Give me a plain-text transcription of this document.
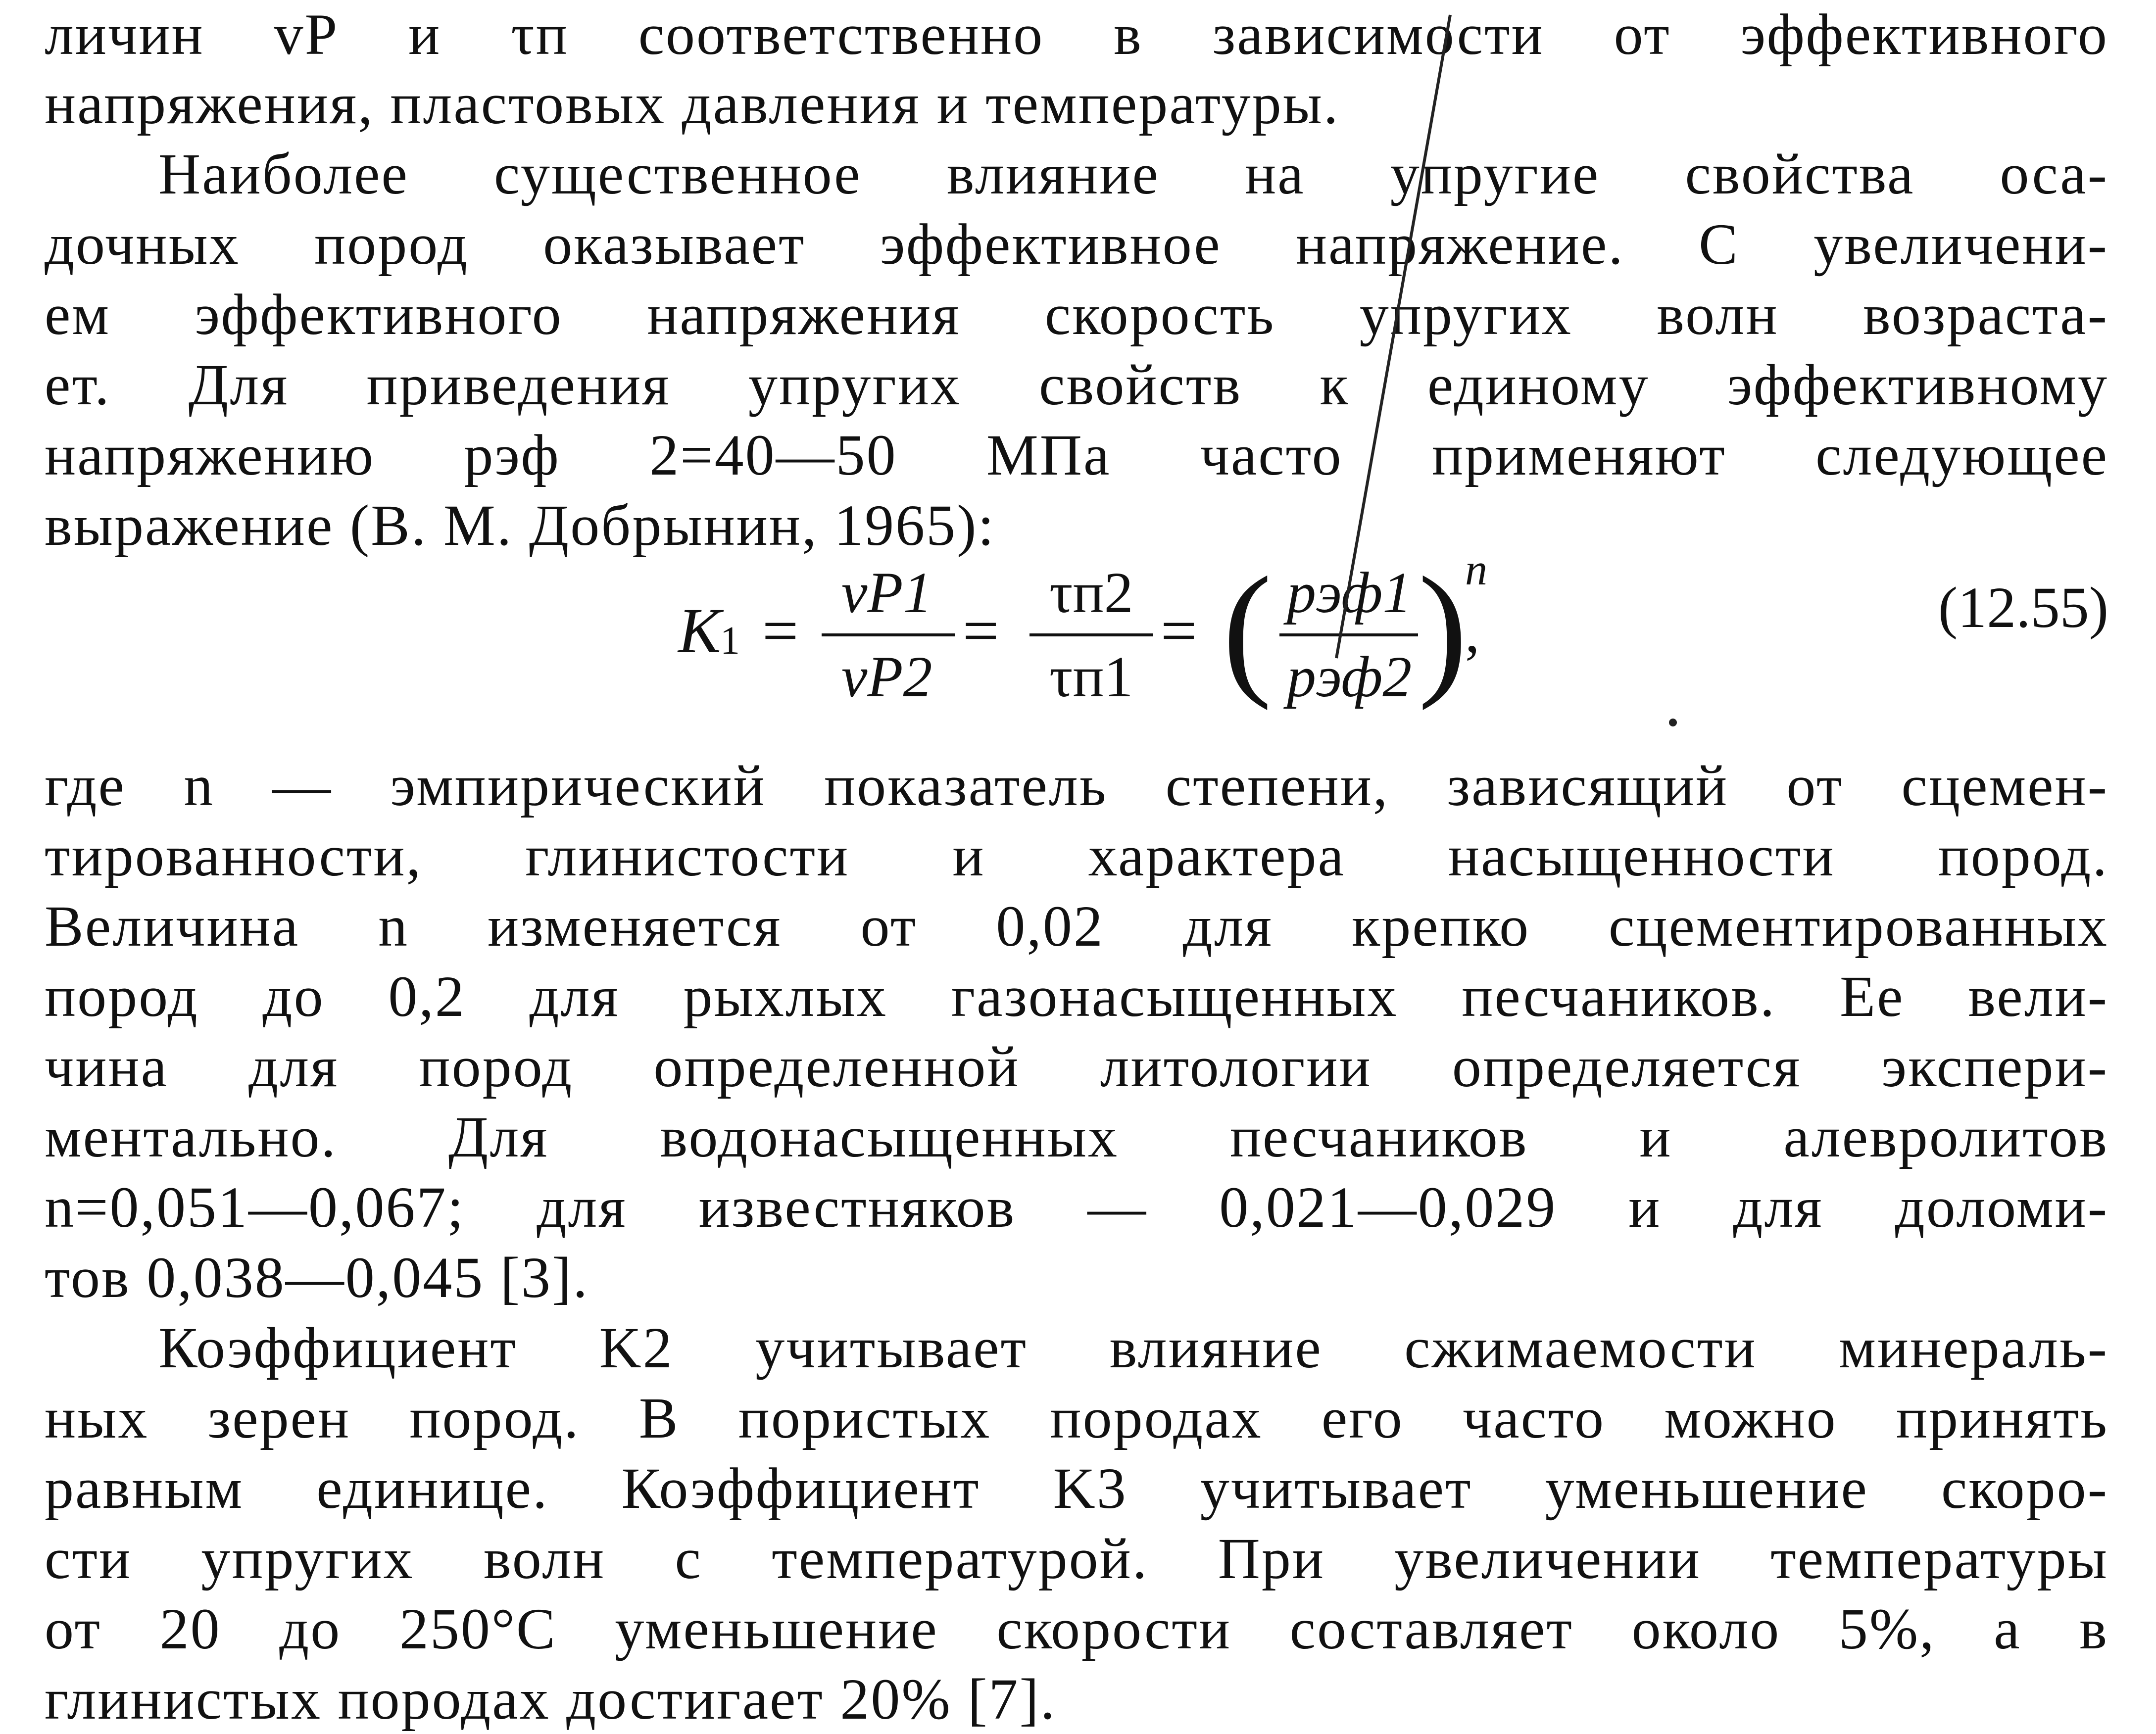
личин vP и τп соответственно в зависимости от эффективного
напряжения, пластовых давления и температуры.
Наиболее существенное влияние на упругие свойства оса-
дочных пород оказывает эффективное напряжение. С увеличени-
ем эффективного напряжения скорость упругих волн возраста-
ет. Для приведения упругих свойств к единому эффективному
напряжению pэф 2=40—50 МПа часто применяют следующее
выражение (В. М. Добрынин, 1965):
K
1 =
vP1
vP2
=
τп2
τп1
= ( pэф1
pэф2 )
n
,	(12.55)
где n — эмпирический показатель степени, зависящий от сцемен-
тированности, глинистости и характера насыщенности пород.
Величина n изменяется от 0,02 для крепко сцементированных
пород до 0,2 для рыхлых газонасыщенных песчаников. Ее вели-
чина для пород определенной литологии определяется экспери-
ментально. Для водонасыщенных песчаников и алевролитов
n=0,051—0,067; для известняков — 0,021—0,029 и для доломи-
тов 0,038—0,045 [3].
Коэффициент K2 учитывает влияние сжимаемости минераль-
ных зерен пород. В пористых породах его часто можно принять
равным единице. Коэффициент K3 учитывает уменьшение скоро-
сти упругих волн с температурой. При увеличении температуры
от 20 до 250°С уменьшение скорости составляет около 5%, а в
глинистых породах достигает 20% [7].
